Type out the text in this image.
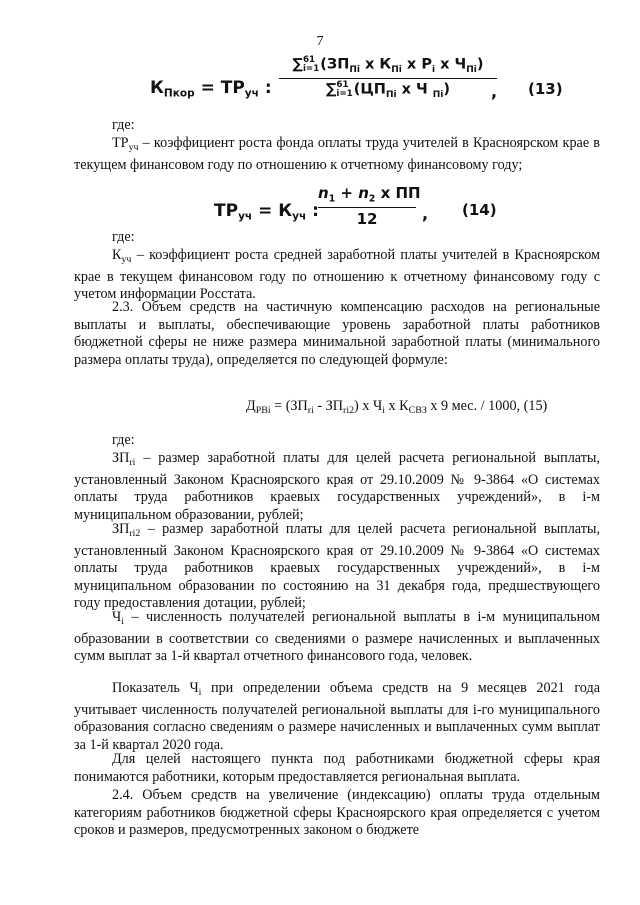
7
$К_{Пкор} = ТР_{уч}$ :
∑ 61
i=1 ($ЗП_{Пi}$ x $К_{Пi}$ x $P_i$ x $Ч_{Пi}$)
∑ 61
i=1 ($ЦП_{Пi}$ x Ч $_{Пi}$)	, (13)
где:
$ТР_{уч}$ – коэффициент роста фонда оплаты труда учителей в Красноярском крае в текущем финансовом году по отношению к отчетному финансовому году;
$ТР_{уч} = К_{уч}$ :
$n_1 + n_2$ x ПП
12	, (14)
где:
$К_{уч}$ – коэффициент роста средней заработной платы учителей в Красноярском крае в текущем финансовом году по отношению к отчетному финансовому году с учетом информации Росстата.
2.3. Объем средств на частичную компенсацию расходов на региональные выплаты и выплаты, обеспечивающие уровень заработной платы работников бюджетной сферы не ниже размера минимальной заработной платы (минимального размера оплаты труда), определяется по следующей формуле:
$Д_{РВi} = (ЗП_{ri} - ЗП_{ri2})$ x $Ч_i$ x $К_{СВЗ}$ x 9 мес. / 1000, (15)
где:
$ЗП_{ri}$ – размер заработной платы для целей расчета региональной выплаты, установленный Законом Красноярского края от 29.10.2009 № 9-3864 «О системах оплаты труда работников краевых государственных учреждений», в i-м муниципальном образовании, рублей;
$ЗП_{ri2}$ – размер заработной платы для целей расчета региональной выплаты, установленный Законом Красноярского края от 29.10.2009 № 9-3864 «О системах оплаты труда работников краевых государственных учреждений», в i-м муниципальном образовании по состоянию на 31 декабря года, предшествующего году предоставления дотации, рублей;
$Ч_i$ – численность получателей региональной выплаты в i-м муниципальном образовании в соответствии со сведениями о размере начисленных и выплаченных сумм выплат за 1-й квартал отчетного финансового года, человек.
Показатель $Ч_i$ при определении объема средств на 9 месяцев 2021 года учитывает численность получателей региональной выплаты для i-го муниципального образования согласно сведениям о размере начисленных и выплаченных сумм выплат за 1-й квартал 2020 года.
Для целей настоящего пункта под работниками бюджетной сферы края понимаются работники, которым предоставляется региональная выплата.
2.4. Объем средств на увеличение (индексацию) оплаты труда отдельным категориям работников бюджетной сферы Красноярского края определяется с учетом сроков и размеров, предусмотренных законом о бюджете
